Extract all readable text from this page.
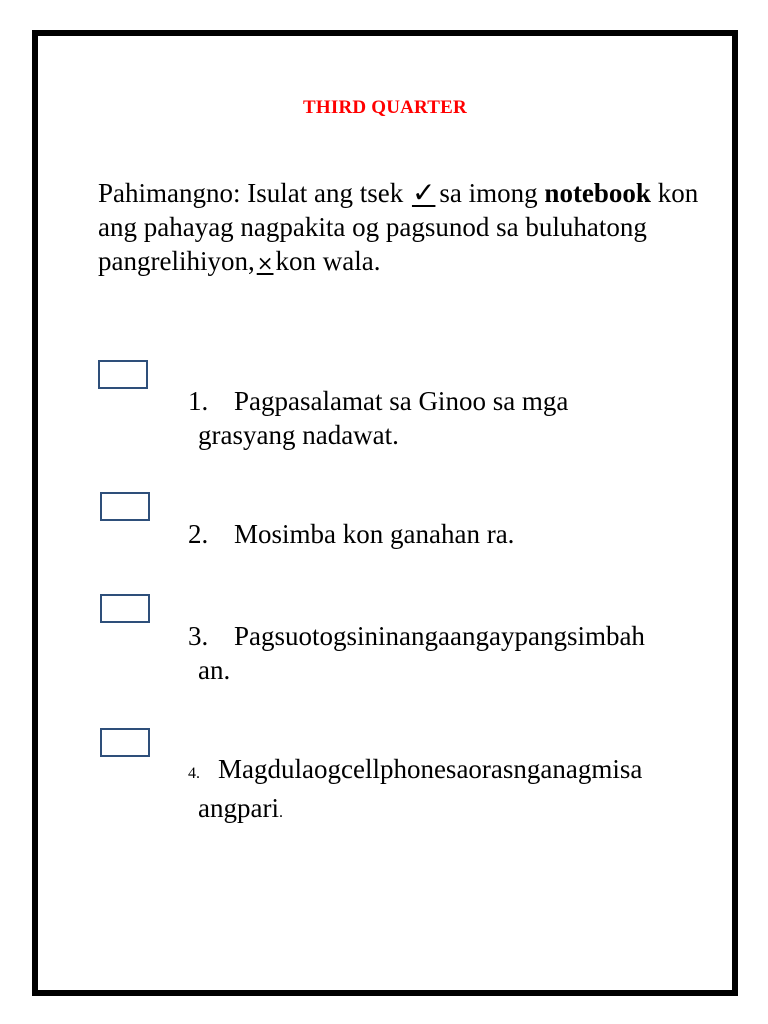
THIRD QUARTER
Pahimangno: Isulat ang tsek ✓ sa imong notebook kon ang pahayag nagpakita og pagsunod sa buluhatong pangrelihiyon, ×kon wala.
1. Pagpasalamat sa Ginoo sa mga
grasyang nadawat.
2. Mosimba kon ganahan ra.
3. Pagsuotogsininangaangaypangsimbah
an.
4. Magdulaogcellphonesaorasnganagmisa
angpari.
